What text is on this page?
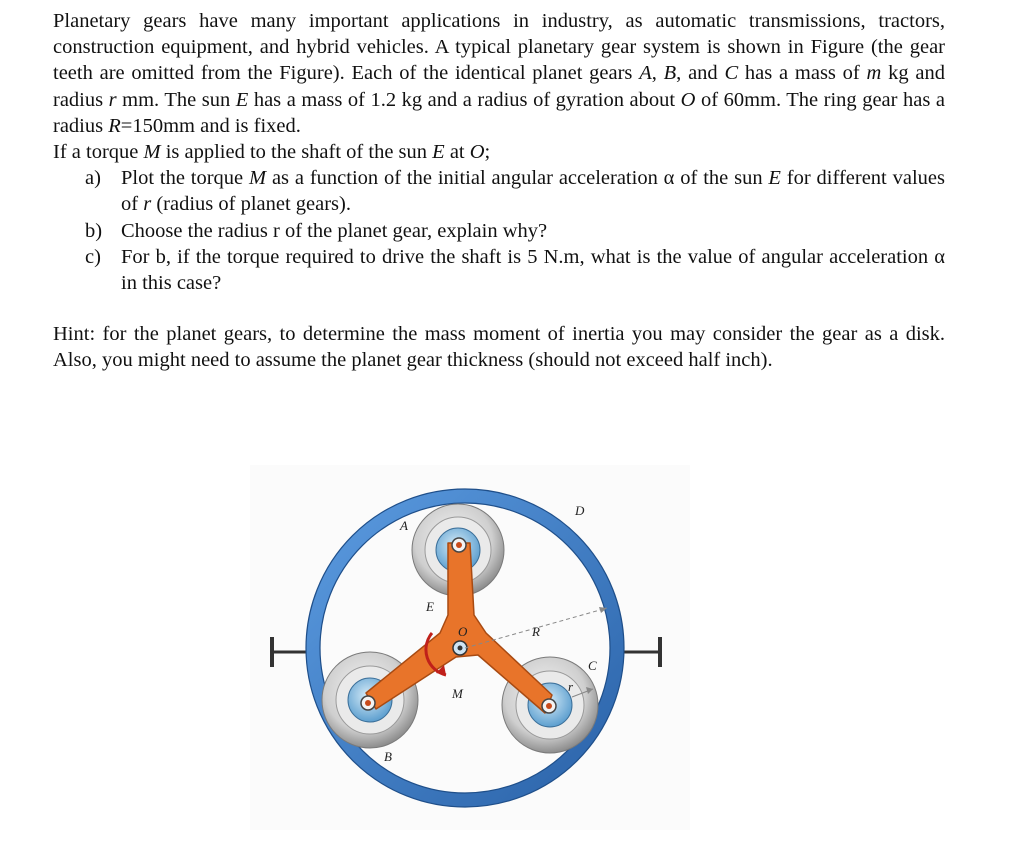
Planetary gears have many important applications in industry, as automatic transmissions, tractors, construction equipment, and hybrid vehicles. A typical planetary gear system is shown in Figure (the gear teeth are omitted from the Figure). Each of the identical planet gears A, B, and C has a mass of m kg and radius r mm. The sun E has a mass of 1.2 kg and a radius of gyration about O of 60mm. The ring gear has a radius R=150mm and is fixed.

If a torque M is applied to the shaft of the sun E at O;

a) Plot the torque M as a function of the initial angular acceleration α of the sun E for different values of r (radius of planet gears).
b) Choose the radius r of the planet gear, explain why?
c) For b, if the torque required to drive the shaft is 5 N.m, what is the value of angular acceleration α in this case?

Hint: for the planet gears, to determine the mass moment of inertia you may consider the gear as a disk. Also, you might need to assume the planet gear thickness (should not exceed half inch).

A
B
C
D
E
O	R
M	r
